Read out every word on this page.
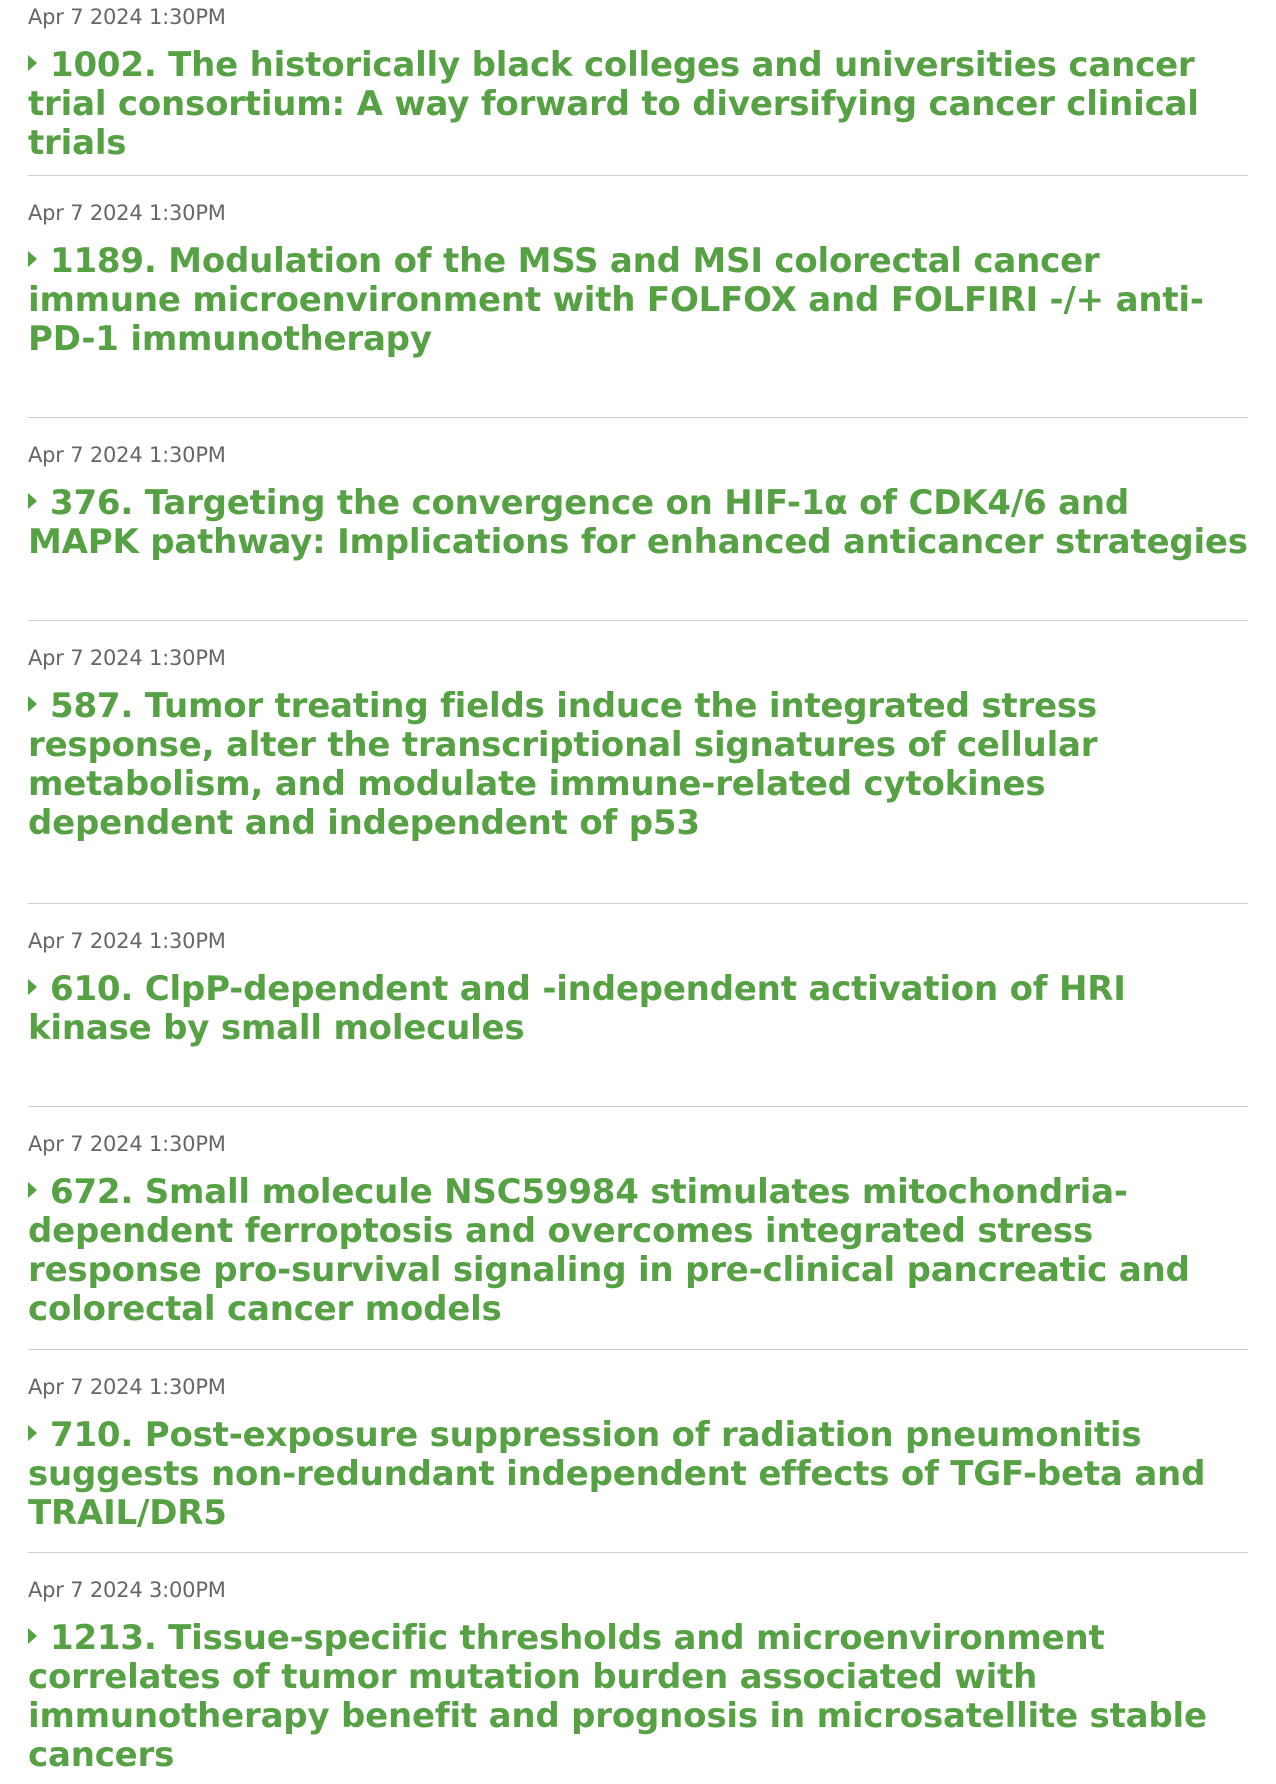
Apr 7 2024 1:30PM
1002. The historically black colleges and universities cancer trial consortium: A way forward to diversifying cancer clinical trials
Apr 7 2024 1:30PM
1189. Modulation of the MSS and MSI colorectal cancer immune microenvironment with FOLFOX and FOLFIRI -/+ anti-PD-1 immunotherapy
Apr 7 2024 1:30PM
376. Targeting the convergence on HIF-1α of CDK4/6 and MAPK pathway: Implications for enhanced anticancer strategies
Apr 7 2024 1:30PM
587. Tumor treating fields induce the integrated stress response, alter the transcriptional signatures of cellular metabolism, and modulate immune-related cytokines dependent and independent of p53
Apr 7 2024 1:30PM
610. ClpP-dependent and -independent activation of HRI kinase by small molecules
Apr 7 2024 1:30PM
672. Small molecule NSC59984 stimulates mitochondria-dependent ferroptosis and overcomes integrated stress response pro-survival signaling in pre-clinical pancreatic and colorectal cancer models
Apr 7 2024 1:30PM
710. Post-exposure suppression of radiation pneumonitis suggests non-redundant independent effects of TGF-beta and TRAIL/DR5
Apr 7 2024 3:00PM
1213. Tissue-specific thresholds and microenvironment correlates of tumor mutation burden associated with immunotherapy benefit and prognosis in microsatellite stable cancers
